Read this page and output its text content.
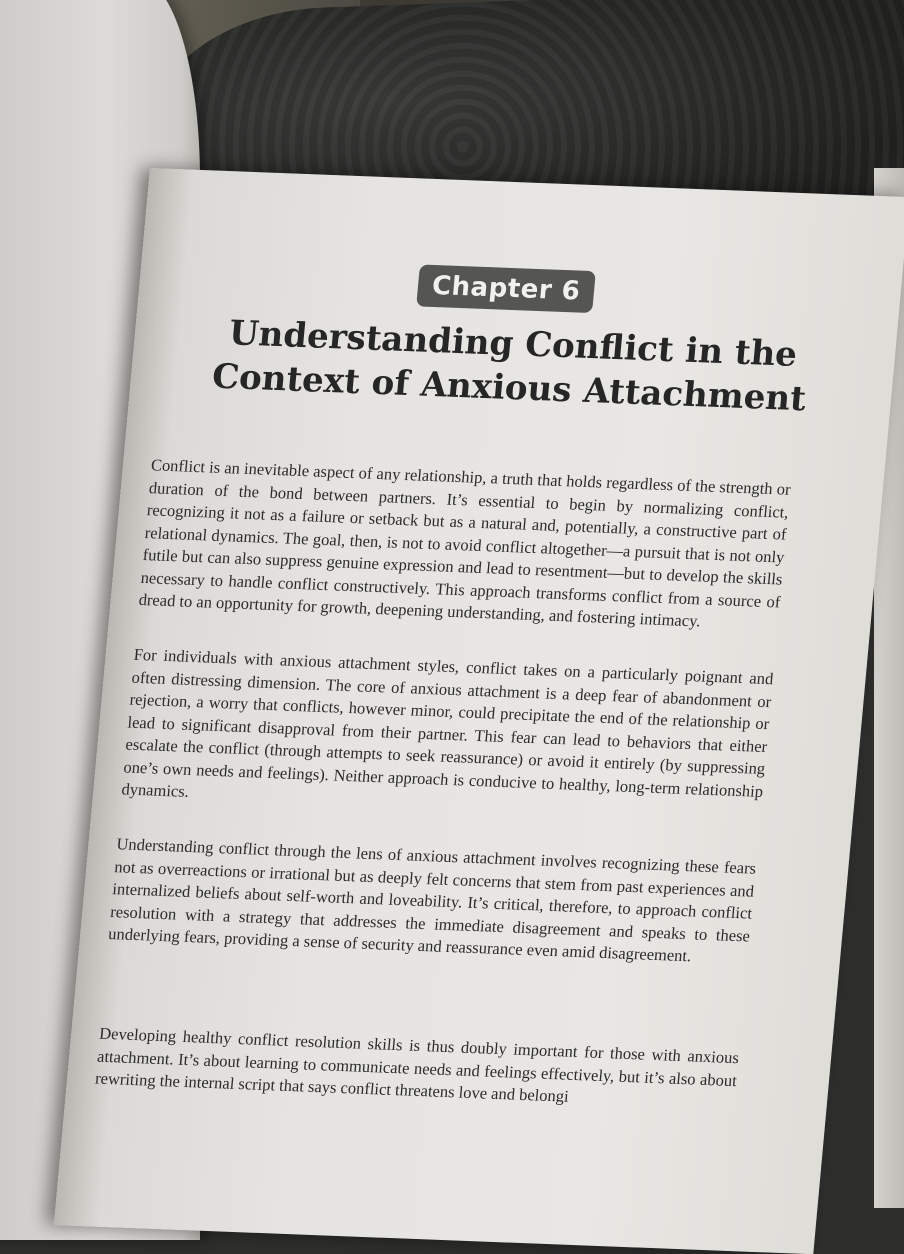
Chapter 6
Understanding Conflict in the Context of Anxious Attachment
Conflict is an inevitable aspect of any relationship, a truth that holds regardless of the strength or duration of the bond between partners. It’s essential to begin by normalizing conflict, recognizing it not as a failure or setback but as a natural and, potentially, a constructive part of relational dynamics. The goal, then, is not to avoid conflict altogether—a pursuit that is not only futile but can also suppress genuine expression and lead to resentment—but to develop the skills necessary to handle conflict constructively. This approach transforms conflict from a source of dread to an opportunity for growth, deepening understanding, and fostering intimacy.
For individuals with anxious attachment styles, conflict takes on a particularly poignant and often distressing dimension. The core of anxious attachment is a deep fear of abandonment or rejection, a worry that conflicts, however minor, could precipitate the end of the relationship or lead to significant disapproval from their partner. This fear can lead to behaviors that either escalate the conflict (through attempts to seek reassurance) or avoid it entirely (by suppressing one’s own needs and feelings). Neither approach is conducive to healthy, long-term relationship dynamics.
Understanding conflict through the lens of anxious attachment involves recognizing these fears not as overreactions or irrational but as deeply felt concerns that stem from past experiences and internalized beliefs about self-worth and loveability. It’s critical, therefore, to approach conflict resolution with a strategy that addresses the immediate disagreement and speaks to these underlying fears, providing a sense of security and reassurance even amid disagreement.
Developing healthy conflict resolution skills is thus doubly important for those with anxious attachment. It’s about learning to communicate needs and feelings effectively, but it’s also about rewriting the internal script that says conflict threatens love and belongi
